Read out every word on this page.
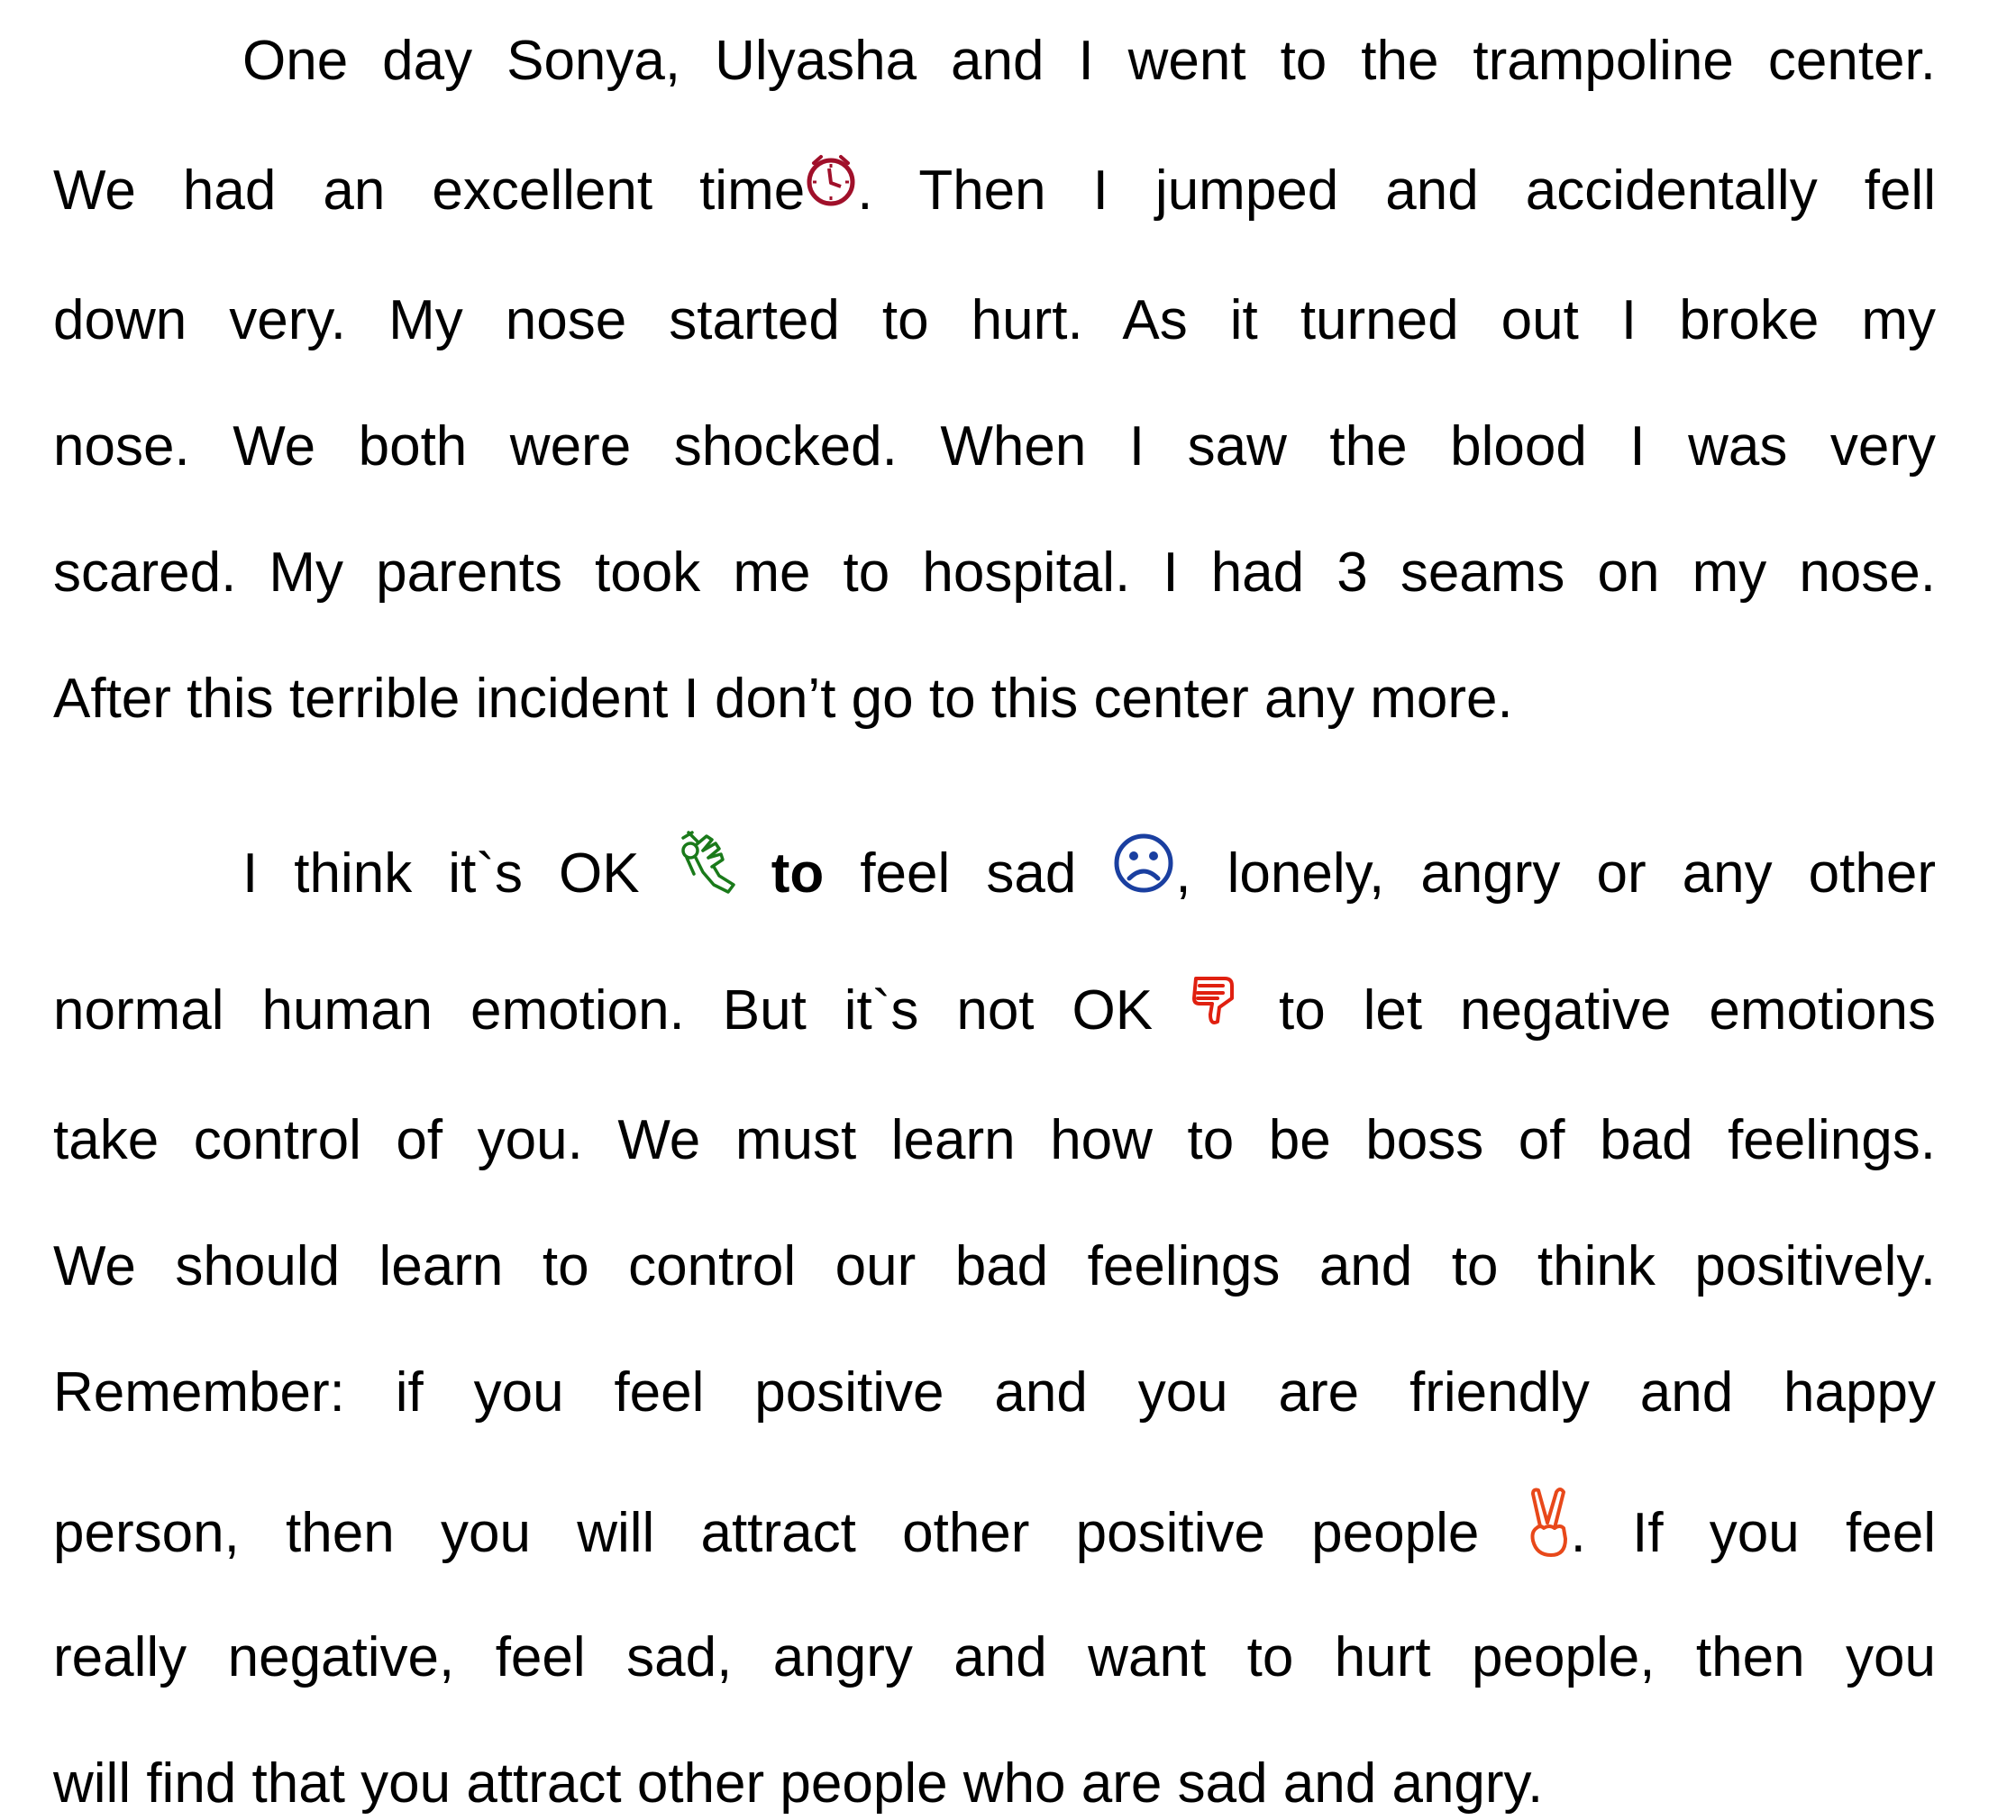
One day Sonya, Ulyasha and I went to the trampoline center.
We had an excellent time . Then I jumped and accidentally fell
down very. My nose started to hurt. As it turned out I broke my
nose. We both were shocked. When I saw the blood I was very
scared. My parents took me to hospital. I had 3 seams on my nose.
After this terrible incident I don’t go to this center any more.
I think it`s OK to feel sad , lonely, angry or any other
normal human emotion. But it`s not OK to let negative emotions
take control of you. We must learn how to be boss of bad feelings.
We should learn to control our bad feelings and to think positively.
Remember: if you feel positive and you are friendly and happy
person, then you will attract other positive people . If you feel
really negative, feel sad, angry and want to hurt people, then you
will find that you attract other people who are sad and angry.
